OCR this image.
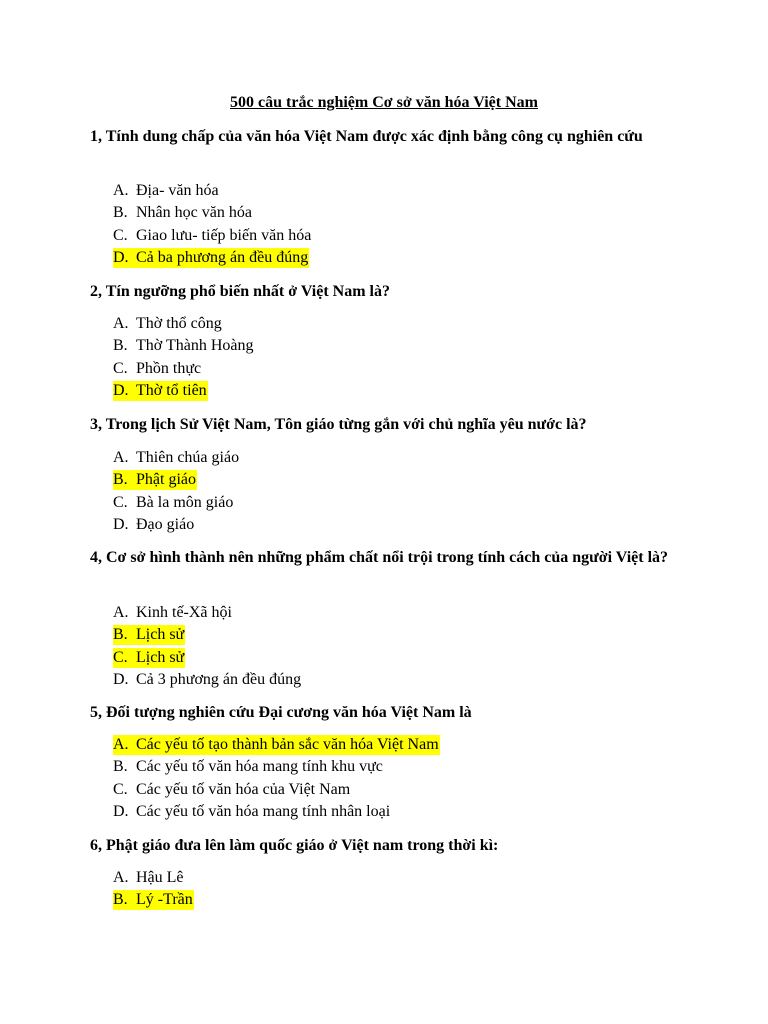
500 câu trắc nghiệm Cơ sở văn hóa Việt Nam
1, Tính dung chấp của văn hóa Việt Nam được xác định bằng công cụ nghiên cứu
A. Địa- văn hóa
B. Nhân học văn hóa
C. Giao lưu- tiếp biến văn hóa
D. Cả ba phương án đều đúng
2, Tín ngưỡng phổ biến nhất ở Việt Nam là?
A. Thờ thổ công
B. Thờ Thành Hoàng
C. Phồn thực
D. Thờ tổ tiên
3, Trong lịch Sử Việt Nam, Tôn giáo từng gắn với chủ nghĩa yêu nước là?
A. Thiên chúa giáo
B. Phật giáo
C. Bà la môn giáo
D. Đạo giáo
4, Cơ sở hình thành nên những phẩm chất nổi trội trong tính cách của người Việt là?
A. Kinh tế-Xã hội
B. Lịch sử
C. Lịch sử
D. Cả 3 phương án đều đúng
5, Đối tượng nghiên cứu Đại cương văn hóa Việt Nam là
A. Các yếu tố tạo thành bản sắc văn hóa Việt Nam
B. Các yếu tố văn hóa mang tính khu vực
C. Các yếu tố văn hóa của Việt Nam
D. Các yếu tố văn hóa mang tính nhân loại
6, Phật giáo đưa lên làm quốc giáo ở Việt nam trong thời kì:
A. Hậu Lê
B. Lý -Trần
